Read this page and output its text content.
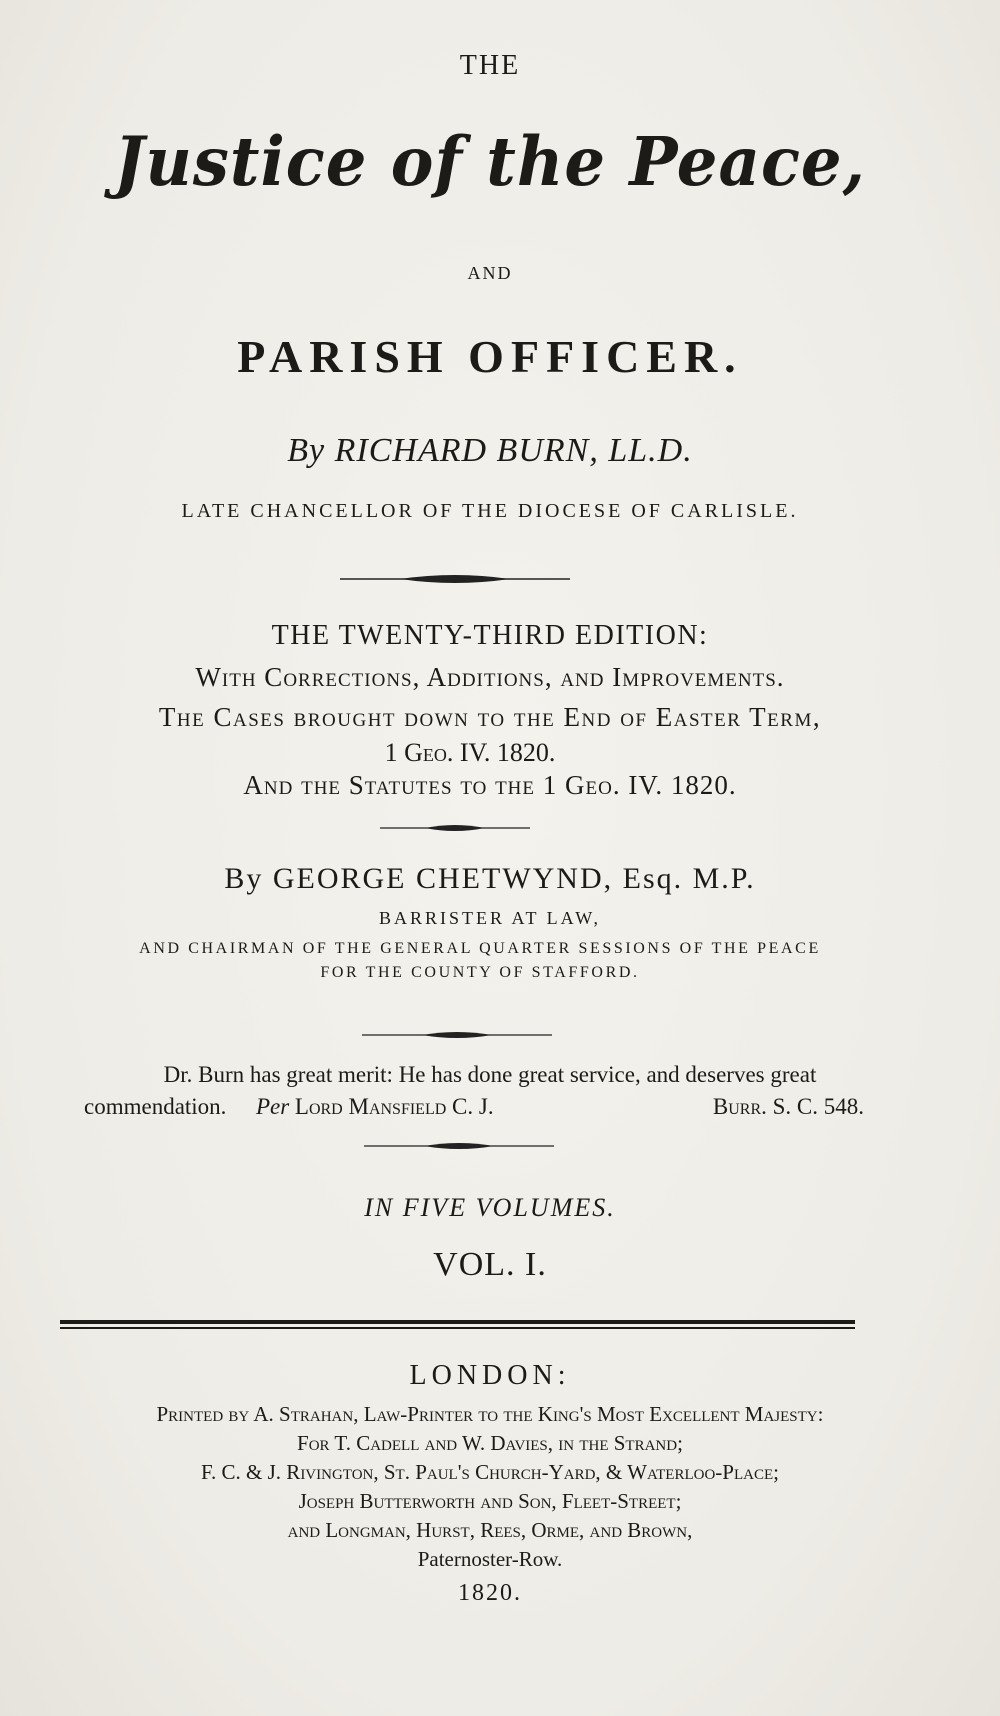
THE
Justice of the Peace,
AND
PARISH OFFICER.
By RICHARD BURN, LL.D.
LATE CHANCELLOR OF THE DIOCESE OF CARLISLE.
THE TWENTY-THIRD EDITION:
With Corrections, Additions, and Improvements.
The Cases brought down to the End of Easter Term,
1 Geo. IV. 1820.
And the Statutes to the 1 Geo. IV. 1820.
By GEORGE CHETWYND, Esq. M.P.
BARRISTER AT LAW,
AND CHAIRMAN OF THE GENERAL QUARTER SESSIONS OF THE PEACE
FOR THE COUNTY OF STAFFORD.
Dr. Burn has great merit: He has done great service, and deserves great
commendation. Per Lord Mansfield C. J.	Burr. S. C. 548.
IN FIVE VOLUMES.
VOL. I.
LONDON:
Printed by A. Strahan, Law-Printer to the King's Most Excellent Majesty:
For T. Cadell and W. Davies, in the Strand;
F. C. & J. Rivington, St. Paul's Church-Yard, & Waterloo-Place;
Joseph Butterworth and Son, Fleet-Street;
and Longman, Hurst, Rees, Orme, and Brown,
Paternoster-Row.
1820.
